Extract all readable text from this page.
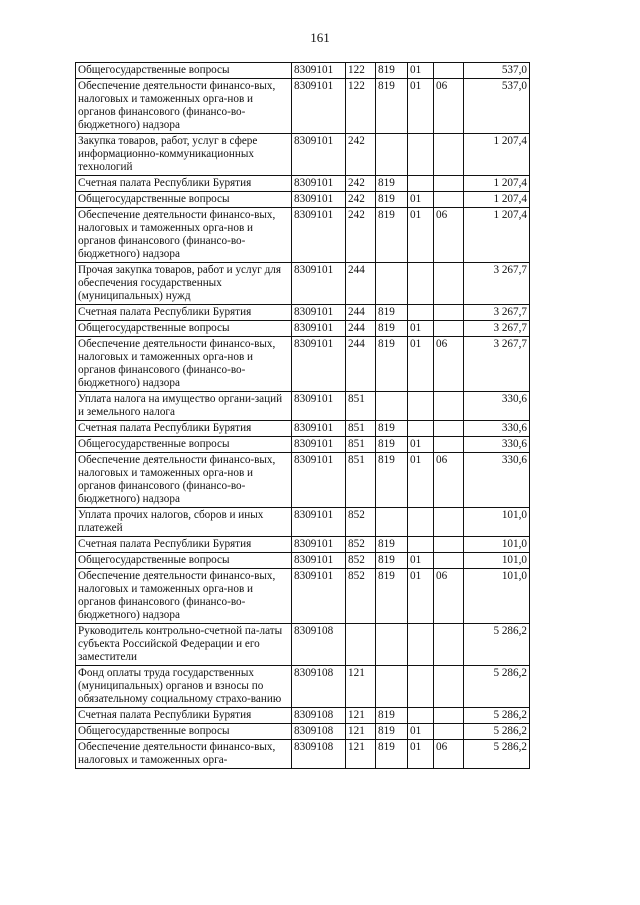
161
Общегосударственные вопросы	8309101	122	819	01		537,0
Обеспечение деятельности финансо-вых, налоговых и таможенных орга-нов и органов финансового (финансо-во-бюджетного) надзора	8309101	122	819	01	06	537,0
Закупка товаров, работ, услуг в сфере информационно-коммуникационных технологий	8309101	242				1 207,4
Счетная палата Республики Бурятия	8309101	242	819			1 207,4
Общегосударственные вопросы	8309101	242	819	01		1 207,4
Обеспечение деятельности финансо-вых, налоговых и таможенных орга-нов и органов финансового (финансо-во-бюджетного) надзора	8309101	242	819	01	06	1 207,4
Прочая закупка товаров, работ и услуг для обеспечения государственных (муниципальных) нужд	8309101	244				3 267,7
Счетная палата Республики Бурятия	8309101	244	819			3 267,7
Общегосударственные вопросы	8309101	244	819	01		3 267,7
Обеспечение деятельности финансо-вых, налоговых и таможенных орга-нов и органов финансового (финансо-во-бюджетного) надзора	8309101	244	819	01	06	3 267,7
Уплата налога на имущество органи-заций и земельного налога	8309101	851				330,6
Счетная палата Республики Бурятия	8309101	851	819			330,6
Общегосударственные вопросы	8309101	851	819	01		330,6
Обеспечение деятельности финансо-вых, налоговых и таможенных орга-нов и органов финансового (финансо-во-бюджетного) надзора	8309101	851	819	01	06	330,6
Уплата прочих налогов, сборов и иных платежей	8309101	852				101,0
Счетная палата Республики Бурятия	8309101	852	819			101,0
Общегосударственные вопросы	8309101	852	819	01		101,0
Обеспечение деятельности финансо-вых, налоговых и таможенных орга-нов и органов финансового (финансо-во-бюджетного) надзора	8309101	852	819	01	06	101,0
Руководитель контрольно-счетной па-латы субъекта Российской Федерации и его заместители	8309108					5 286,2
Фонд оплаты труда государственных (муниципальных) органов и взносы по обязательному социальному страхо-ванию	8309108	121				5 286,2
Счетная палата Республики Бурятия	8309108	121	819			5 286,2
Общегосударственные вопросы	8309108	121	819	01		5 286,2
Обеспечение деятельности финансо-вых, налоговых и таможенных орга-	8309108	121	819	01	06	5 286,2
